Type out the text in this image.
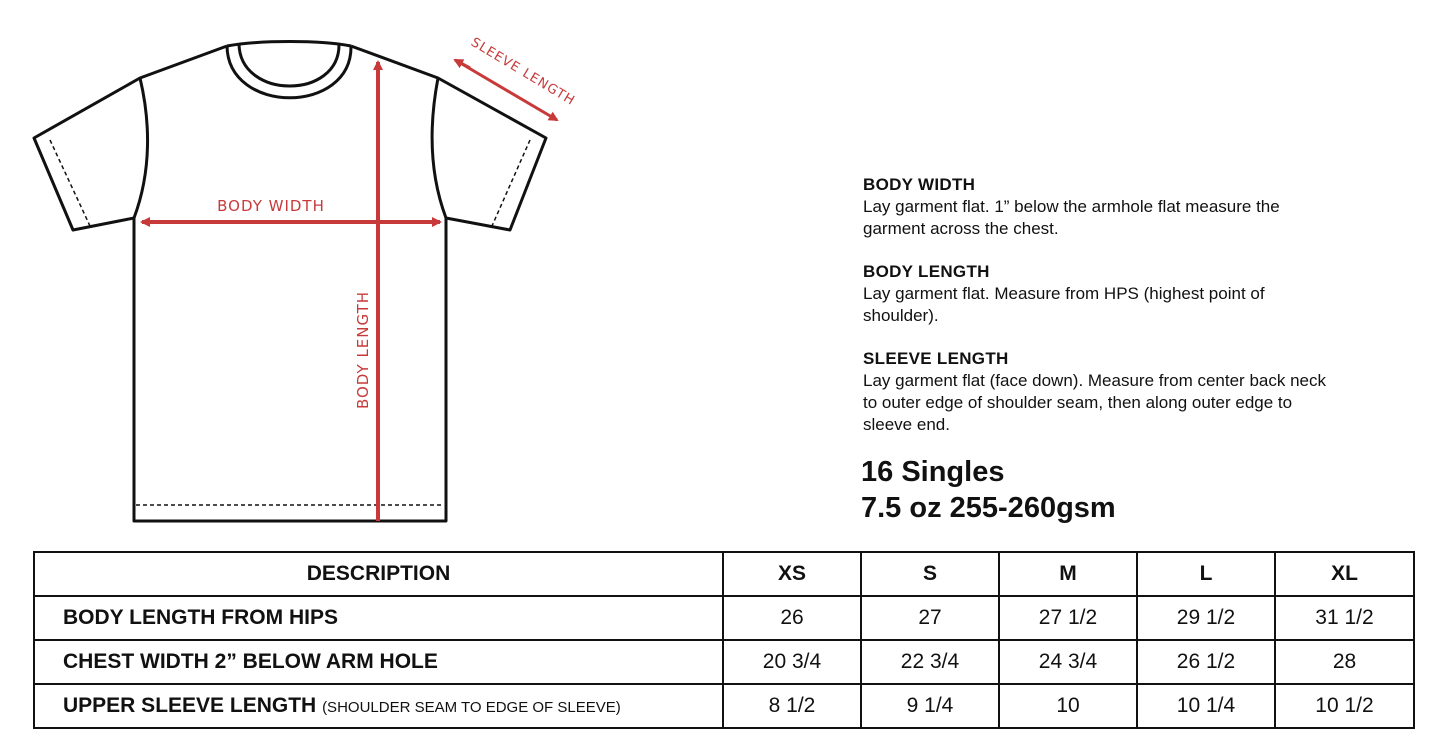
BODY WIDTH
BODY LENGTH
SLEEVE LENGTH
BODY WIDTH
Lay garment flat. 1” below the armhole flat measure the garment across the chest.
BODY LENGTH
Lay garment flat. Measure from HPS (highest point of shoulder).
SLEEVE LENGTH
Lay garment flat (face down). Measure from center back neck to outer edge of shoulder seam, then along outer edge to sleeve end.
16 Singles
7.5 oz 255-260gsm
DESCRIPTION	XS	S	M	L	XL
BODY LENGTH FROM HIPS	26	27	27 1/2	29 1/2	31 1/2
CHEST WIDTH 2” BELOW ARM HOLE	20 3/4	22 3/4	24 3/4	26 1/2	28
UPPER SLEEVE LENGTH (SHOULDER SEAM TO EDGE OF SLEEVE)	8 1/2	9 1/4	10	10 1/4	10 1/2
